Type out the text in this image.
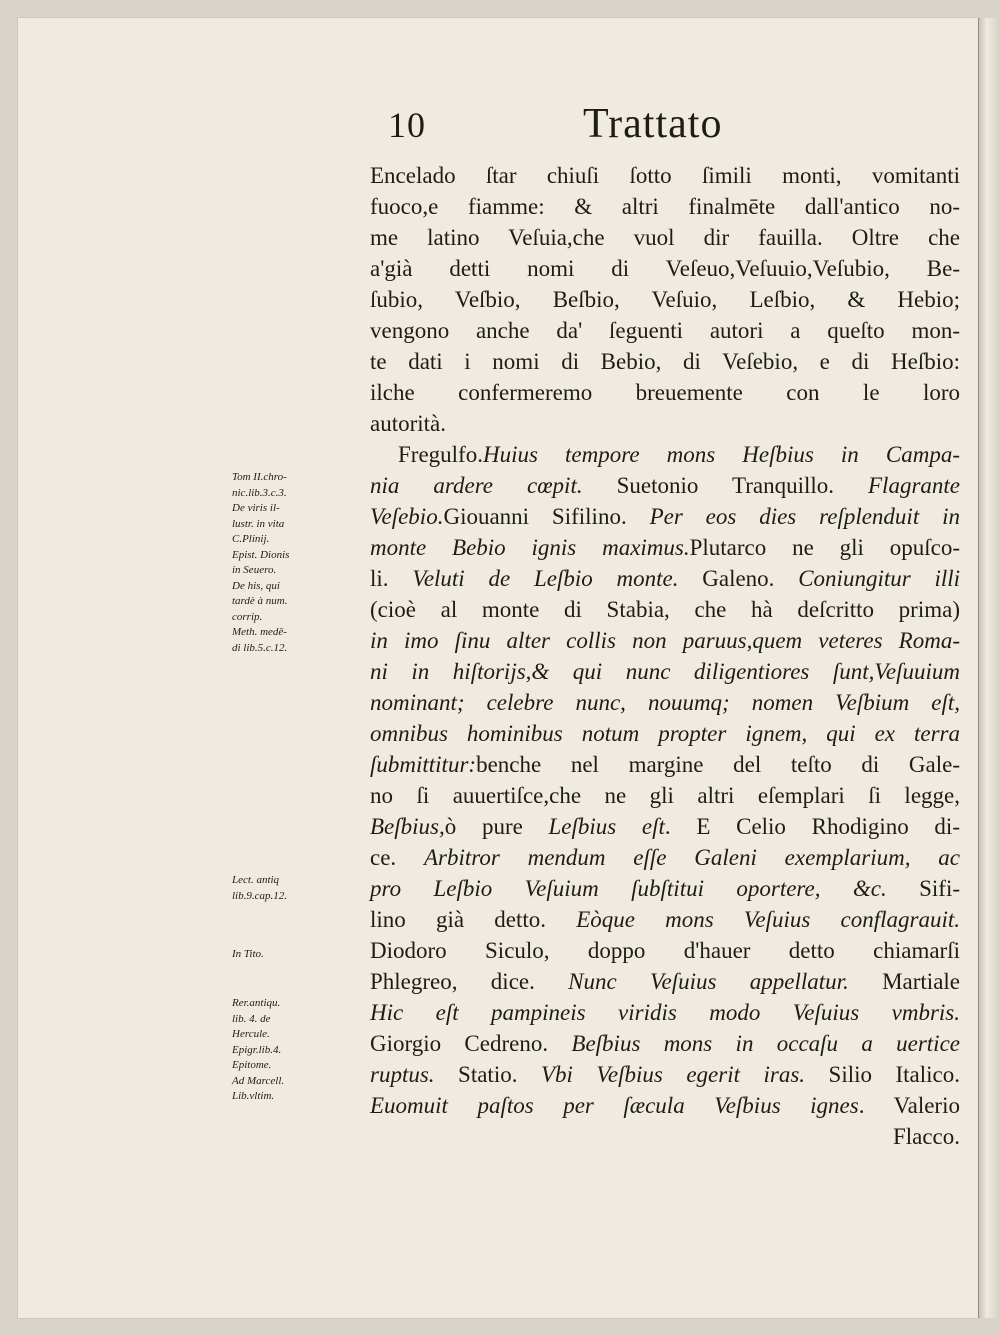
10	Trattato
Tom II.chro-
nic.lib.3.c.3.
De viris il-
lustr. in vita
C.Plinij.
Epist. Dionis
in Seuero.
De his, qui
tardè à num.
corrip.
Meth. medē-
di lib.5.c.12.
Lect. antiq
lib.9.cap.12.
In Tito.
Rer.antiqu.
lib. 4. de
Hercule.
Epigr.lib.4.
Epitome.
Ad Marcell.
Lib.vltim.
Encelado ſtar chiuſi ſotto ſimili monti, vomitanti
fuoco,e fiamme: & altri finalmēte dall'antico no-
me latino Veſuia,che vuol dir fauilla. Oltre che
a'già detti nomi di Veſeuo,Veſuuio,Veſubio, Be-
ſubio, Veſbio, Beſbio, Veſuio, Leſbio, & Hebio;
vengono anche da' ſeguenti autori a queſto mon-
te dati i nomi di Bebio, di Veſebio, e di Heſbio:
ilche confermeremo breuemente con le loro
autorità.
Fregulfo.Huius tempore mons Heſbius in Campa-
nia ardere cœpit. Suetonio Tranquillo. Flagrante
Veſebio.Giouanni Sifilino. Per eos dies reſplenduit in
monte Bebio ignis maximus.Plutarco ne gli opuſco-
li. Veluti de Leſbio monte. Galeno. Coniungitur illi
(cioè al monte di Stabia, che hà deſcritto prima)
in imo ſinu alter collis non paruus,quem veteres Roma-
ni in hiſtorijs,& qui nunc diligentiores ſunt,Veſuuium
nominant; celebre nunc, nouumq; nomen Veſbium eſt,
omnibus hominibus notum propter ignem, qui ex terra
ſubmittitur:benche nel margine del teſto di Gale-
no ſi auuertiſce,che ne gli altri eſemplari ſi legge,
Beſbius,ò pure Leſbius eſt. E Celio Rhodigino di-
ce. Arbitror mendum eſſe Galeni exemplarium, ac
pro Leſbio Veſuium ſubſtitui oportere, &c. Sifi-
lino già detto. Eòque mons Veſuius conflagrauit.
Diodoro Siculo, doppo d'hauer detto chiamarſi
Phlegreo, dice. Nunc Veſuius appellatur. Martiale
Hic eſt pampineis viridis modo Veſuius vmbris.
Giorgio Cedreno. Beſbius mons in occaſu a uertice
ruptus. Statio. Vbi Veſbius egerit iras. Silio Italico.
Euomuit paſtos per ſæcula Veſbius ignes. Valerio
Flacco.
